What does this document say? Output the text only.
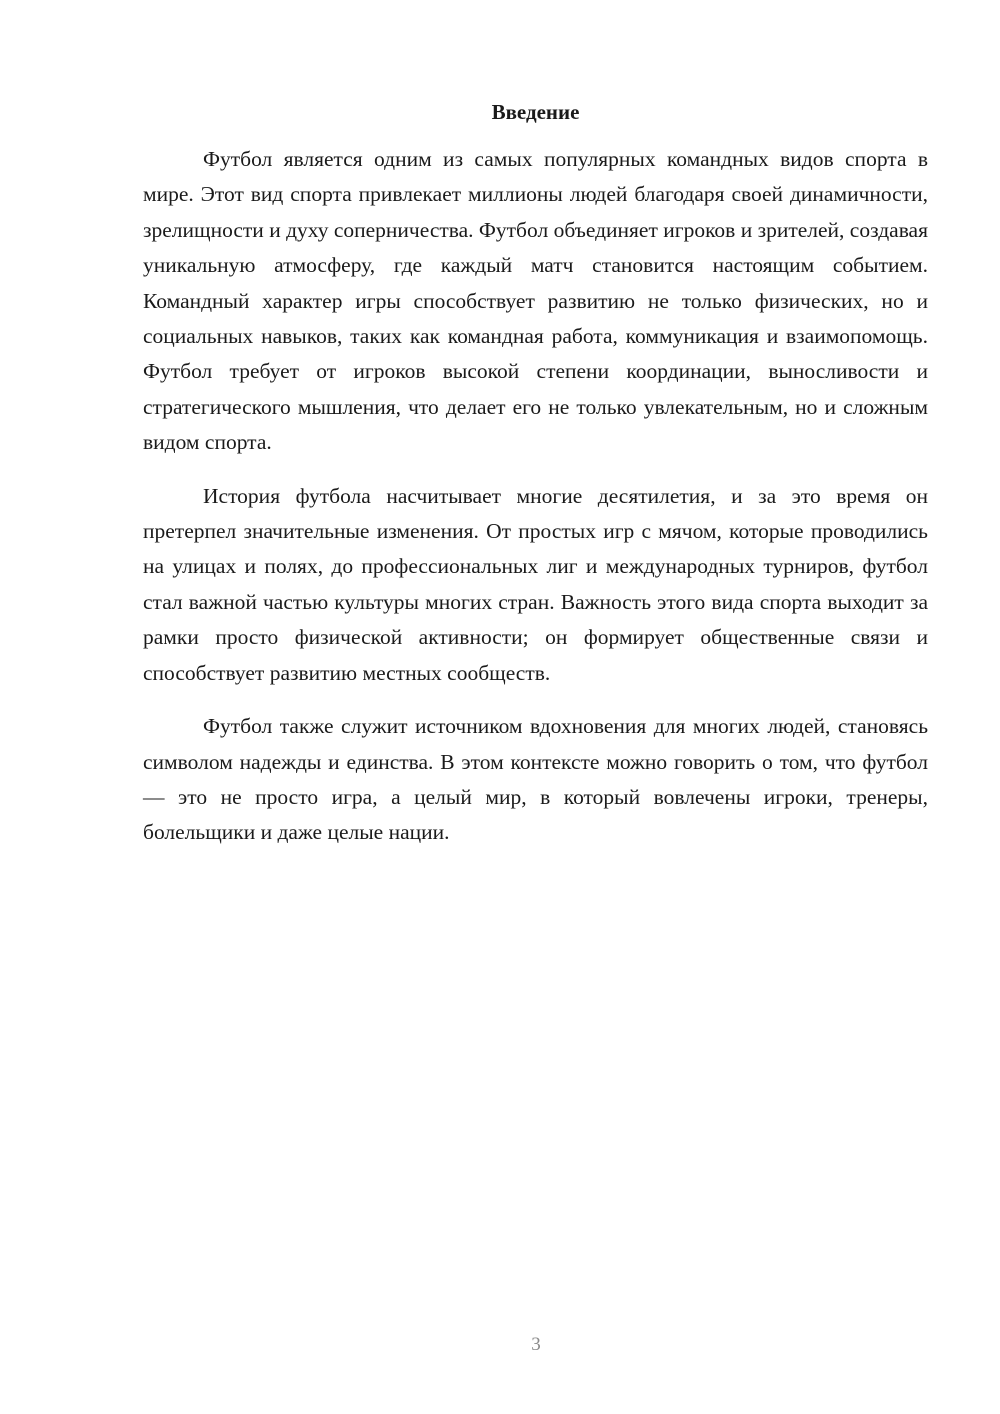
Введение

Футбол является одним из самых популярных командных видов спорта в мире. Этот вид спорта привлекает миллионы людей благодаря своей динамичности, зрелищности и духу соперничества. Футбол объединяет игроков и зрителей, создавая уникальную атмосферу, где каждый матч становится настоящим событием. Командный характер игры способствует развитию не только физических, но и социальных навыков, таких как командная работа, коммуникация и взаимопомощь. Футбол требует от игроков высокой степени координации, выносливости и стратегического мышления, что делает его не только увлекательным, но и сложным видом спорта.

История футбола насчитывает многие десятилетия, и за это время он претерпел значительные изменения. От простых игр с мячом, которые проводились на улицах и полях, до профессиональных лиг и международных турниров, футбол стал важной частью культуры многих стран. Важность этого вида спорта выходит за рамки просто физической активности; он формирует общественные связи и способствует развитию местных сообществ.

Футбол также служит источником вдохновения для многих людей, становясь символом надежды и единства. В этом контексте можно говорить о том, что футбол — это не просто игра, а целый мир, в который вовлечены игроки, тренеры, болельщики и даже целые нации.

3
